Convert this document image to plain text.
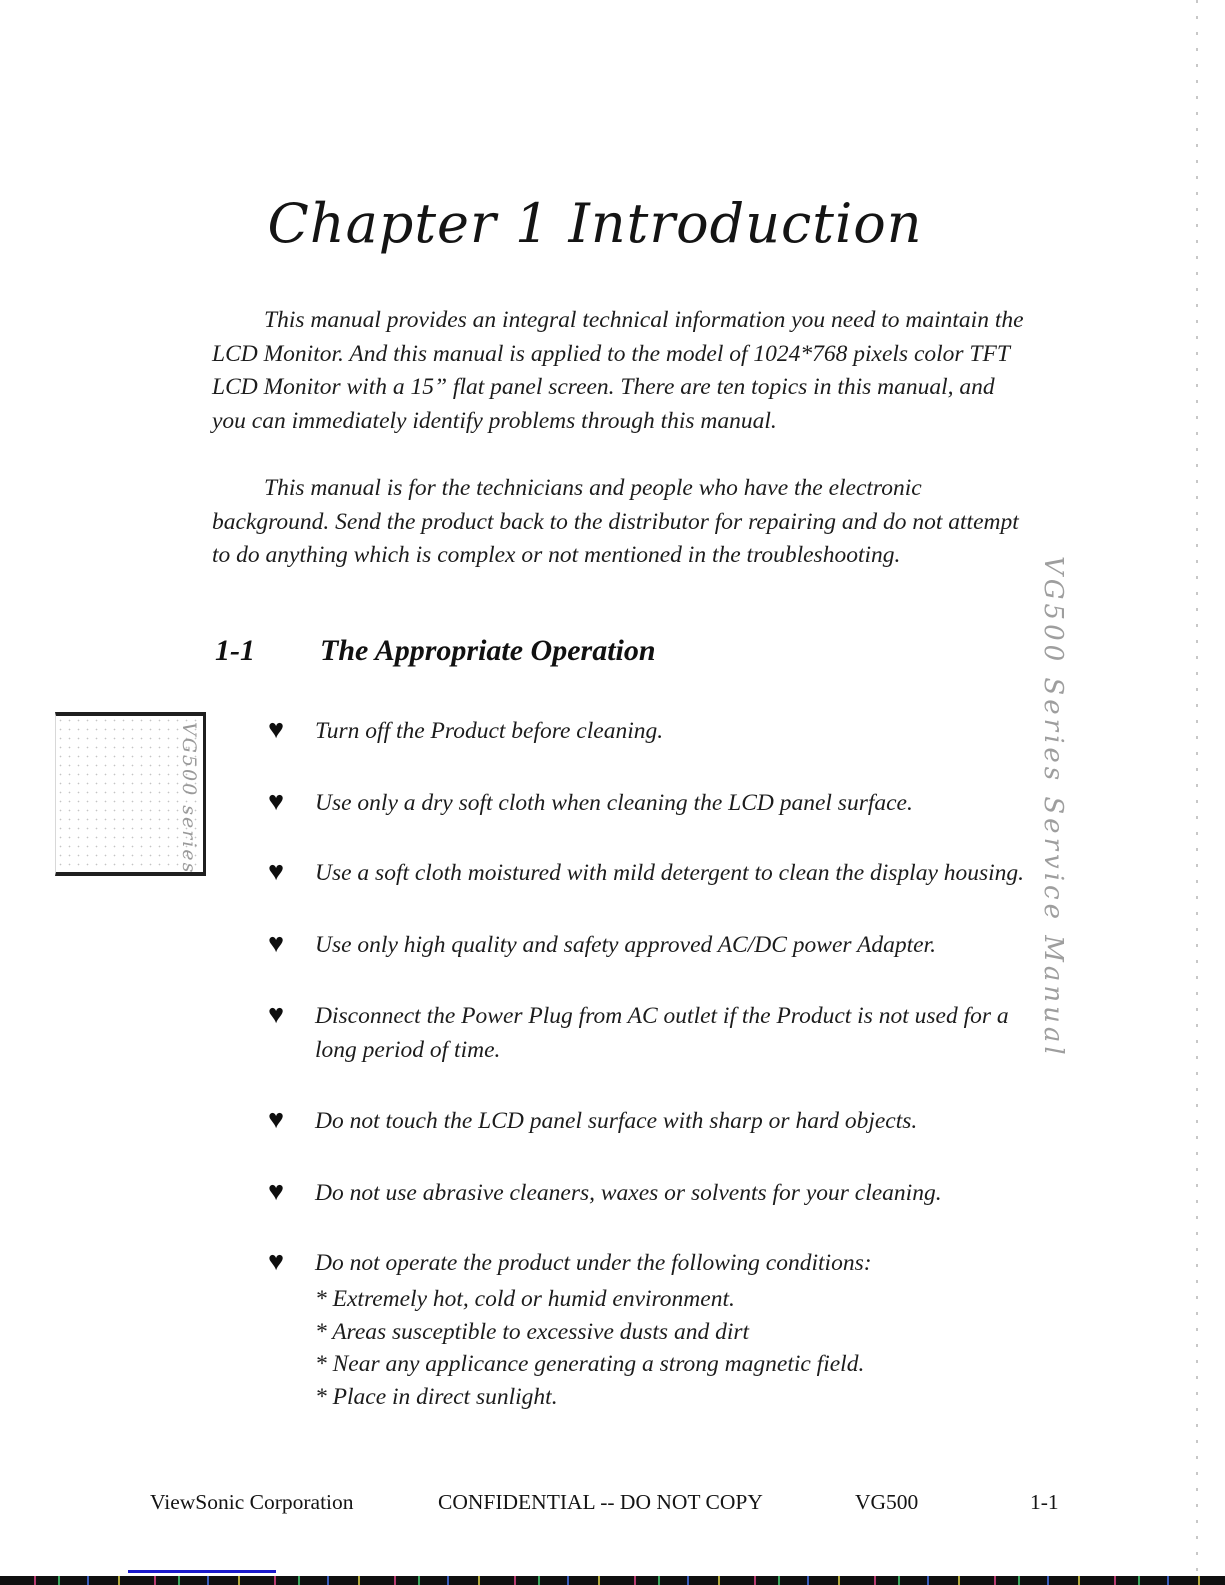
Chapter 1 Introduction

This manual provides an integral technical information you need to maintain the LCD Monitor. And this manual is applied to the model of 1024*768 pixels color TFT LCD Monitor with a 15” flat panel screen. There are ten topics in this manual, and you can immediately identify problems through this manual.

This manual is for the technicians and people who have the electronic background. Send the product back to the distributor for repairing and do not attempt to do anything which is complex or not mentioned in the troubleshooting.

1-1 The Appropriate Operation
VG500 series	VG500 Series Service Manual
♥ Turn off the Product before cleaning.
♥ Use only a dry soft cloth when cleaning the LCD panel surface.
♥ Use a soft cloth moistured with mild detergent to clean the display housing.
♥ Use only high quality and safety approved AC/DC power Adapter.
♥ Disconnect the Power Plug from AC outlet if the Product is not used for a long period of time.
♥ Do not touch the LCD panel surface with sharp or hard objects.
♥ Do not use abrasive cleaners, waxes or solvents for your cleaning.
♥ Do not operate the product under the following conditions:
* Extremely hot, cold or humid environment.
* Areas susceptible to excessive dusts and dirt
* Near any applicance generating a strong magnetic field.
* Place in direct sunlight.
ViewSonic Corporation	CONFIDENTIAL -- DO NOT COPY	VG500	1-1
